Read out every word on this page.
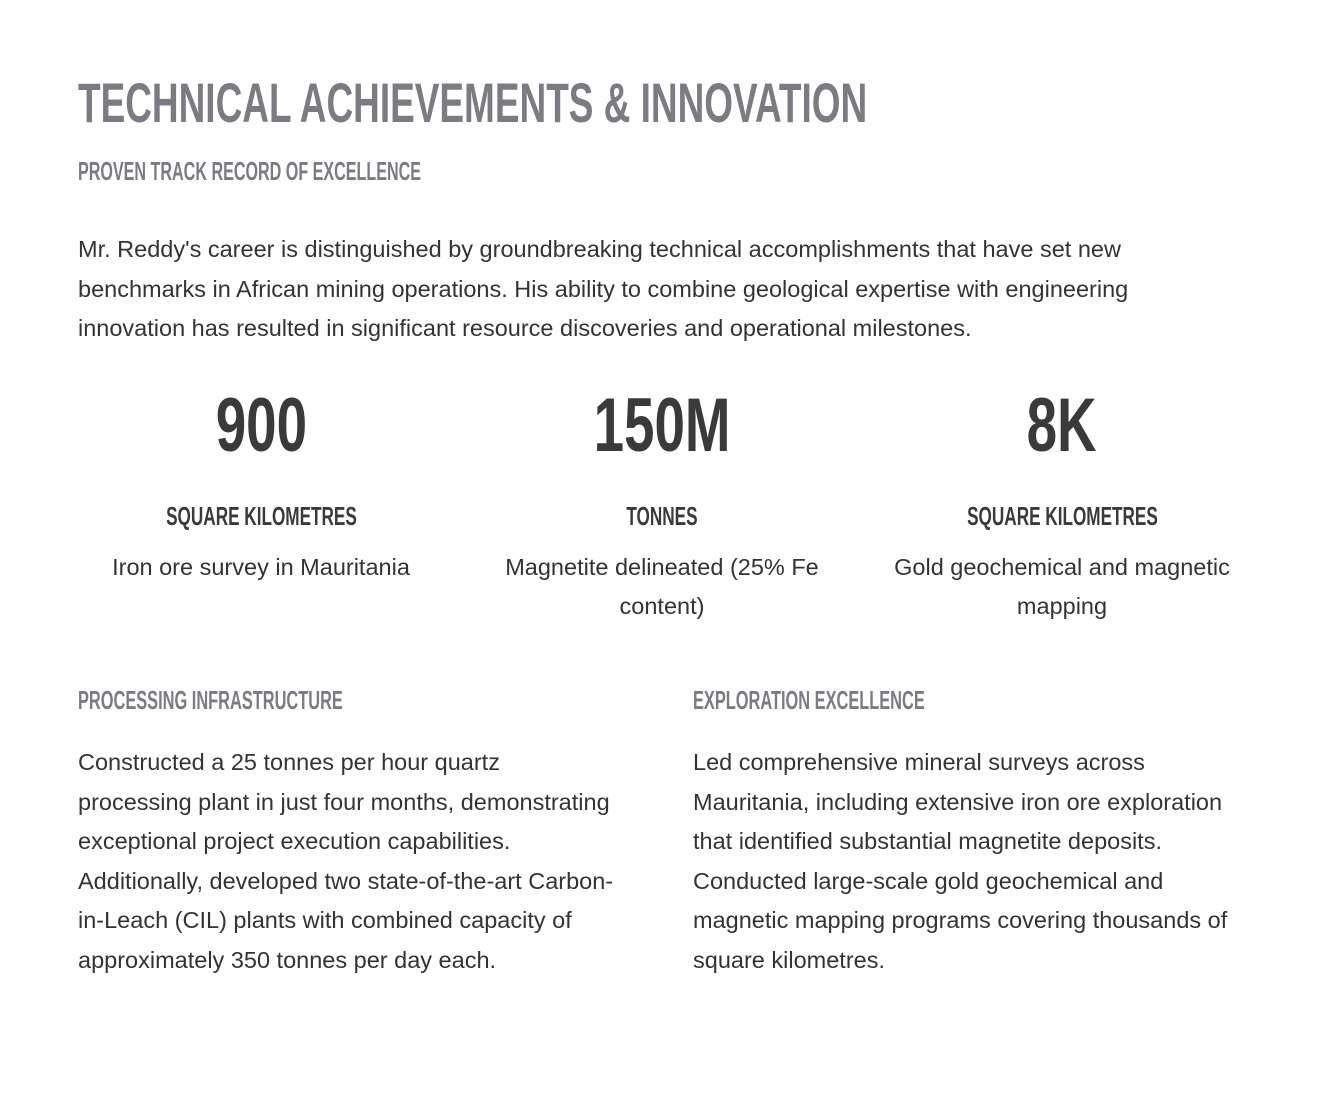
TECHNICAL ACHIEVEMENTS & INNOVATION
PROVEN TRACK RECORD OF EXCELLENCE

Mr. Reddy's career is distinguished by groundbreaking technical accomplishments that have set new benchmarks in African mining operations. His ability to combine geological expertise with engineering innovation has resulted in significant resource discoveries and operational milestones.

900
SQUARE KILOMETRES
Iron ore survey in Mauritania
150M
TONNES
Magnetite delineated (25% Fe content)
8K
SQUARE KILOMETRES
Gold geochemical and magnetic mapping
PROCESSING INFRASTRUCTURE

Constructed a 25 tonnes per hour quartz processing plant in just four months, demonstrating exceptional project execution capabilities. Additionally, developed two state-of-the-art Carbon-in-Leach (CIL) plants with combined capacity of approximately 350 tonnes per day each.

EXPLORATION EXCELLENCE

Led comprehensive mineral surveys across Mauritania, including extensive iron ore exploration that identified substantial magnetite deposits. Conducted large-scale gold geochemical and magnetic mapping programs covering thousands of square kilometres.
